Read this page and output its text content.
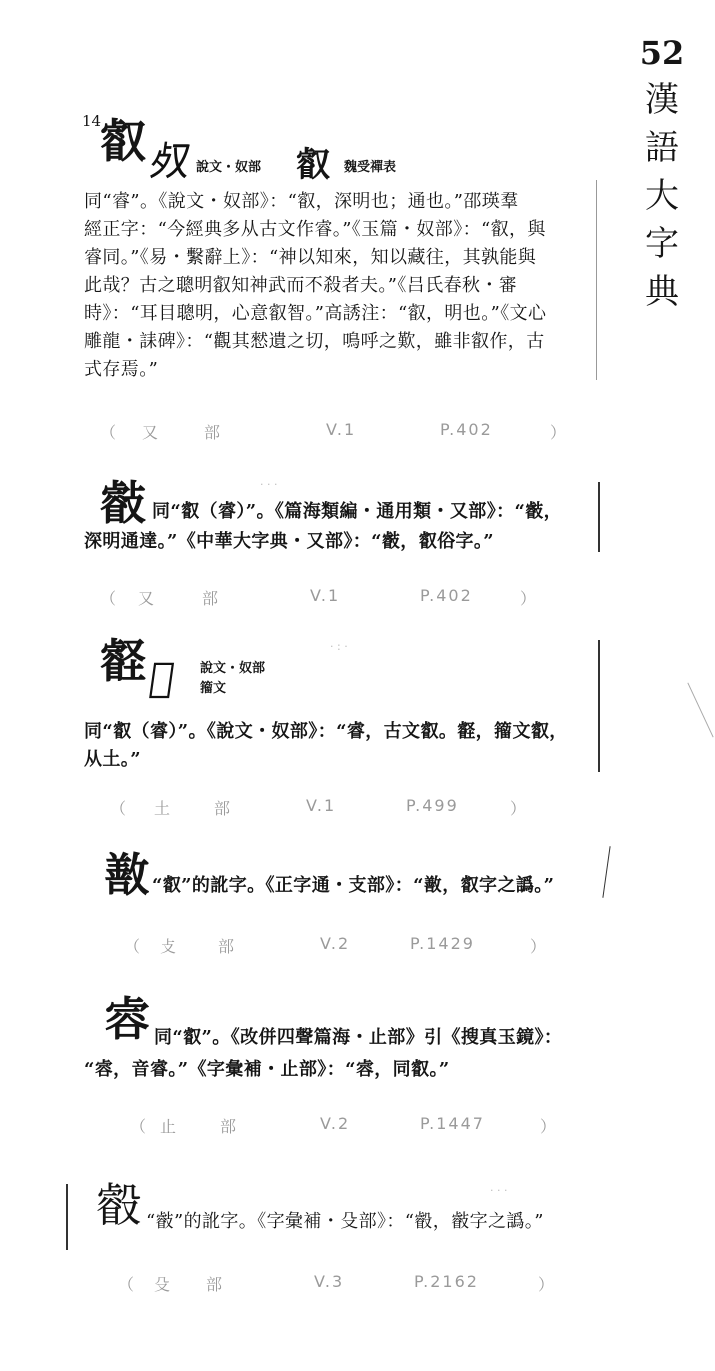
52
漢
語
大
字
典
14
叡 𣦼 說文・奴部 叡 魏受禪表
同“睿”。《說文・奴部》：“叡，深明也；通也。”邵瑛羣
經正字：“今經典多从古文作睿。”《玉篇・奴部》：“叡，與
睿同。”《易・繫辭上》：“神以知來，知以藏往，其孰能與
此哉？古之聰明叡知神武而不殺者夫。”《吕氏春秋・審
時》：“耳目聰明，心意叡智。”高誘注：“叡，明也。”《文心
雕龍・誄碑》：“觀其憖遺之切，鳴呼之歎，雖非叡作，古
式存焉。”
（ 又	部	V.1	P.402	）
㪫 同“叡（睿）”。《篇海類編・通用類・又部》：“㪫，
深明通達。”《中華大字典・又部》：“㪫，叡俗字。”
· · ·
（ 又	部	V.1	P.402	）
壡 𡽡 說文・奴部
籀文
· : ·
同“叡（睿）”。《說文・奴部》：“睿，古文叡。壡，籀文叡，
从土。”
（ 土	部	V.1	P.499	）
敾 “叡”的訛字。《正字通・支部》：“敾，叡字之譌。”
（ 攴 部	V.2	P.1429	）
䜭 同“叡”。《改併四聲篇海・止部》引《搜真玉鏡》：
“䜭，音睿。”《字彙補・止部》：“䜭，同叡。”
（ 止	部	V.2	P.1447	）
㲊 “㪫”的訛字。《字彙補・殳部》：“㲊，㪫字之譌。”
· · ·
（ 殳 部	V.3	P.2162	）
